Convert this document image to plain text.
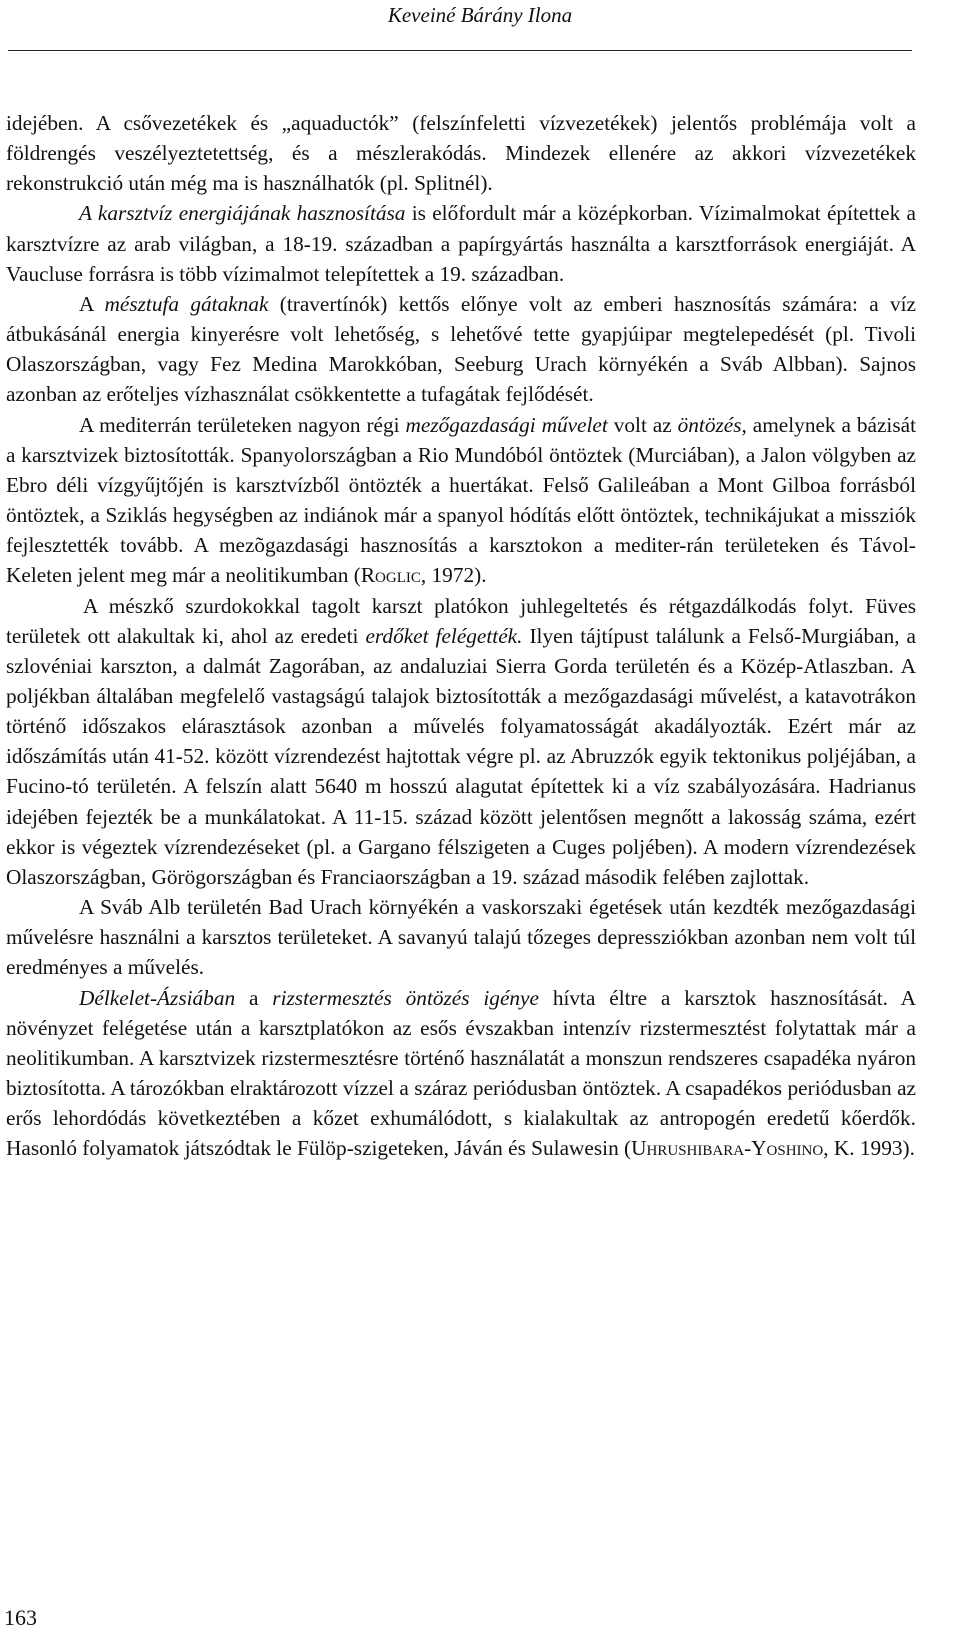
Keveiné Bárány Ilona

idejében. A csővezetékek és „aquaductók” (felszínfeletti vízvezetékek) jelentős problémája volt a földrengés veszélyeztetettség, és a mészlerakódás. Mindezek ellenére az akkori vízvezetékek rekonstrukció után még ma is használhatók (pl. Splitnél).

A karsztvíz energiájának hasznosítása is előfordult már a középkorban. Vízimalmokat építettek a karsztvízre az arab világban, a 18-19. században a papírgyártás használta a karsztforrások energiáját. A Vaucluse forrásra is több vízimalmot telepítettek a 19. században.

A mésztufa gátaknak (travertínók) kettős előnye volt az emberi hasznosítás számára: a víz átbukásánál energia kinyerésre volt lehetőség, s lehetővé tette gyapjúipar megtelepedését (pl. Tivoli Olaszországban, vagy Fez Medina Marokkóban, Seeburg Urach környékén a Sváb Albban). Sajnos azonban az erőteljes vízhasználat csökkentette a tufagátak fejlődését.

A mediterrán területeken nagyon régi mezőgazdasági művelet volt az öntözés, amelynek a bázisát a karsztvizek biztosították. Spanyolországban a Rio Mundóból öntöztek (Murciában), a Jalon völgyben az Ebro déli vízgyűjtőjén is karsztvízből öntözték a huertákat. Felső Galileában a Mont Gilboa forrásból öntöztek, a Sziklás hegységben az indiánok már a spanyol hódítás előtt öntöztek, technikájukat a missziók fejlesztették tovább. A mezõgazdasági hasznosítás a karsztokon a mediter-rán területeken és Távol-Keleten jelent meg már a neolitikumban (Roglic, 1972).

A mészkő szurdokokkal tagolt karszt platókon juhlegeltetés és rétgazdálkodás folyt. Füves területek ott alakultak ki, ahol az eredeti erdőket felégették. Ilyen tájtípust találunk a Felső-Murgiában, a szlovéniai karszton, a dalmát Zagorában, az andaluziai Sierra Gorda területén és a Közép-Atlaszban. A poljékban általában megfelelő vastagságú talajok biztosították a mezőgazdasági művelést, a katavotrákon történő időszakos elárasztások azonban a művelés folyamatosságát akadályozták. Ezért már az időszámítás után 41-52. között vízrendezést hajtottak végre pl. az Abruzzók egyik tektonikus poljéjában, a Fucino-tó területén. A felszín alatt 5640 m hosszú alagutat építettek ki a víz szabályozására. Hadrianus idejében fejezték be a munkálatokat. A 11-15. század között jelentősen megnőtt a lakosság száma, ezért ekkor is végeztek vízrendezéseket (pl. a Gargano félszigeten a Cuges poljében). A modern vízrendezések Olaszországban, Görögországban és Franciaországban a 19. század második felében zajlottak.

A Sváb Alb területén Bad Urach környékén a vaskorszaki égetések után kezdték mezőgazdasági művelésre használni a karsztos területeket. A savanyú talajú tőzeges depressziókban azonban nem volt túl eredményes a művelés.

Délkelet-Ázsiában a rizstermesztés öntözés igénye hívta éltre a karsztok hasznosítását. A növényzet felégetése után a karsztplatókon az esős évszakban intenzív rizstermesztést folytattak már a neolitikumban. A karsztvizek rizstermesztésre történő használatát a monszun rendszeres csapadéka nyáron biztosította. A tározókban elraktározott vízzel a száraz periódusban öntöztek. A csapadékos periódusban az erős lehordódás következtében a kőzet exhumálódott, s kialakultak az antropogén eredetű kőerdők. Hasonló folyamatok játszódtak le Fülöp-szigeteken, Jáván és Sulawesin (Uhrushibara-Yoshino, K. 1993).

163
